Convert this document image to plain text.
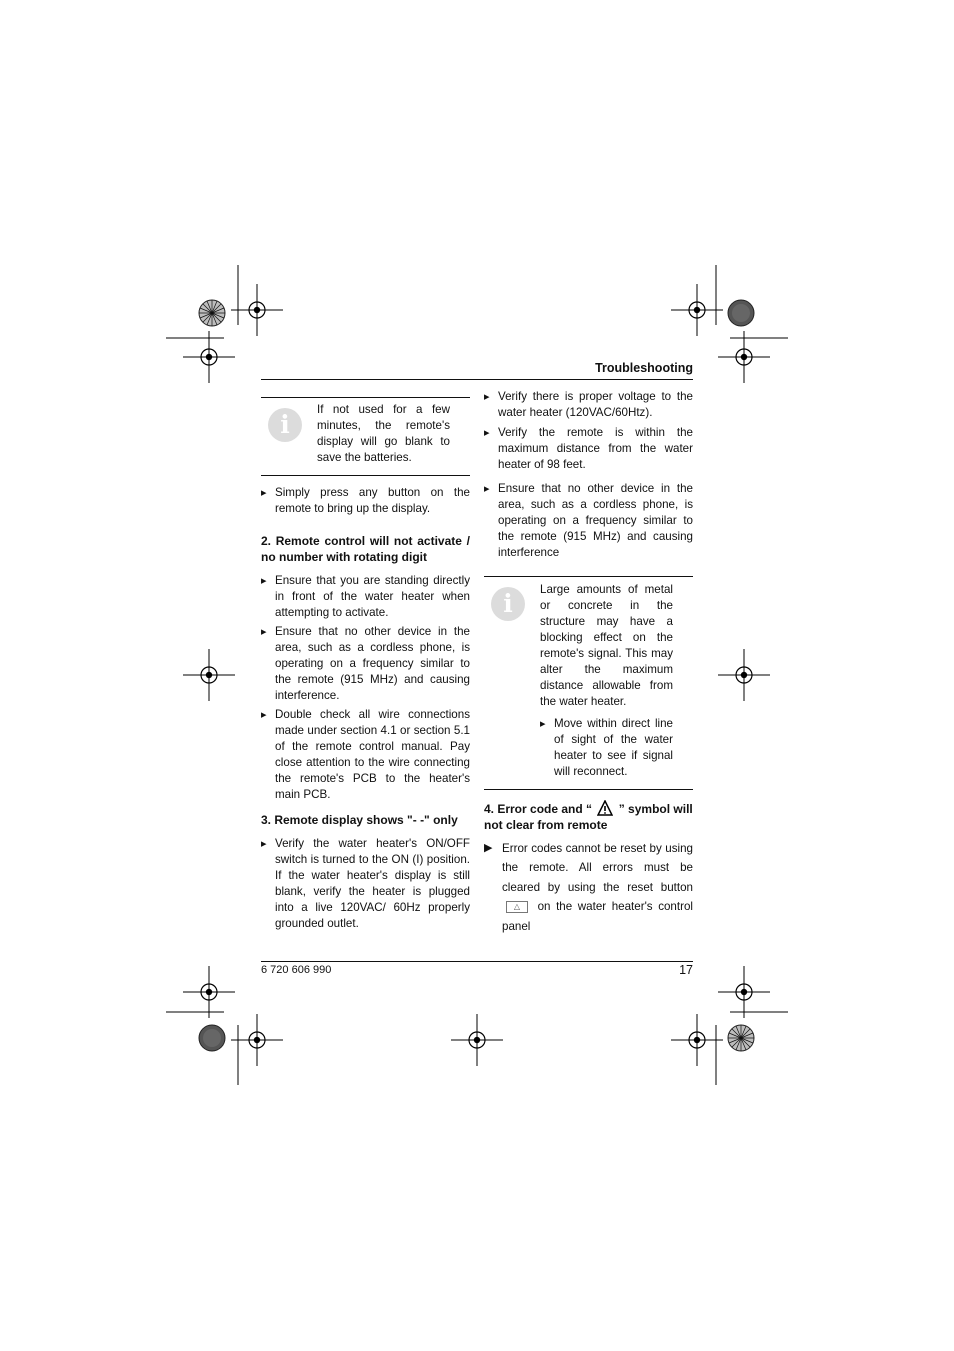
Troubleshooting
i
If not used for a few minutes, the remote's display will go blank to save the batteries.

▸ Simply press any button on the remote to bring up the display.

2. Remote control will not activate / no number with rotating digit

▸ Ensure that you are standing directly in front of the water heater when attempting to activate.

▸ Ensure that no other device in the area, such as a cordless phone, is operating on a frequency similar to the remote (915 MHz) and causing interference.

▸ Double check all wire connections made under section 4.1 or section 5.1 of the remote control manual. Pay close attention to the wire connecting the remote's PCB to the heater's main PCB.

3. Remote display shows "- -" only

▸ Verify the water heater's ON/OFF switch is turned to the ON (I) position. If the water heater's display is still blank, verify the heater is plugged into a live 120VAC/ 60Hz properly grounded outlet.

▸ Verify there is proper voltage to the water heater (120VAC/60Htz).

▸ Verify the remote is within the maximum distance from the water heater of 98 feet.

▸ Ensure that no other device in the area, such as a cordless phone, is operating on a frequency similar to the remote (915 MHz) and causing interference

i	Large amounts of metal or concrete in the structure may have a blocking effect on the remote's signal. This may alter the maximum distance allowable from the water heater.

▸ Move within direct line of sight of the water heater to see if signal will reconnect.

4. Error code and “ ” symbol will not clear from remote
▶ Error codes cannot be reset by using the remote. All errors must be cleared by using the reset button △ on the water heater's control panel
6 720 606 990	17
